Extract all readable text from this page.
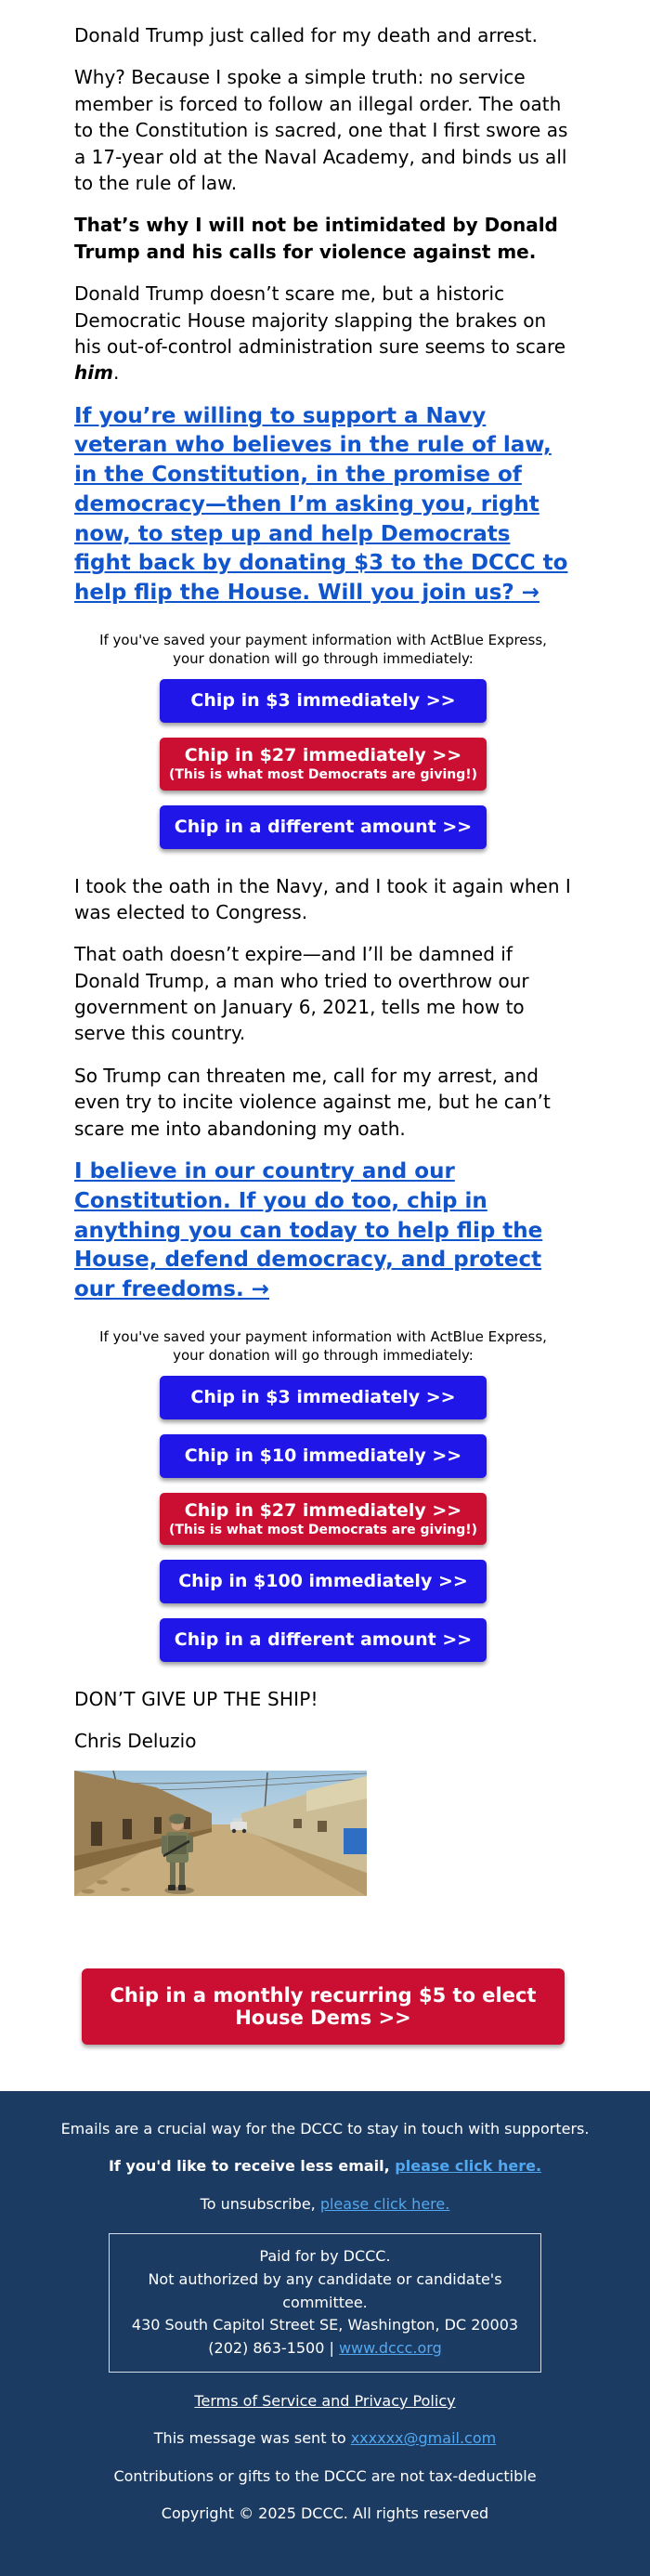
Donald Trump just called for my death and arrest.

Why? Because I spoke a simple truth: no service member is forced to follow an illegal order. The oath to the Constitution is sacred, one that I first swore as a 17-year old at the Naval Academy, and binds us all to the rule of law.

That’s why I will not be intimidated by Donald Trump and his calls for violence against me.

Donald Trump doesn’t scare me, but a historic Democratic House majority slapping the brakes on his out-of-control administration sure seems to scare him.

If you’re willing to support a Navy veteran who believes in the rule of law, in the Constitution, in the promise of democracy—then I’m asking you, right now, to step up and help Democrats fight back by donating $3 to the DCCC to help flip the House. Will you join us? →
If you've saved your payment information with ActBlue Express,
your donation will go through immediately:
Chip in $3 immediately >>
Chip in $27 immediately >>
(This is what most Democrats are giving!)
Chip in a different amount >>

I took the oath in the Navy, and I took it again when I was elected to Congress.

That oath doesn’t expire—and I’ll be damned if Donald Trump, a man who tried to overthrow our government on January 6, 2021, tells me how to serve this country.

So Trump can threaten me, call for my arrest, and even try to incite violence against me, but he can’t scare me into abandoning my oath.

I believe in our country and our Constitution. If you do too, chip in anything you can today to help flip the House, defend democracy, and protect our freedoms. →
If you've saved your payment information with ActBlue Express,
your donation will go through immediately:
Chip in $3 immediately >>
Chip in $10 immediately >>
Chip in $27 immediately >>
(This is what most Democrats are giving!)
Chip in $100 immediately >>
Chip in a different amount >>

DON’T GIVE UP THE SHIP!

Chris Deluzio

Chip in a monthly recurring $5 to elect House Dems >>

Emails are a crucial way for the DCCC to stay in touch with supporters.

If you'd like to receive less email, please click here.

To unsubscribe, please click here.

Paid for by DCCC.
Not authorized by any candidate or candidate's committee.
430 South Capitol Street SE, Washington, DC 20003
(202) 863-1500 | www.dccc.org

Terms of Service and Privacy Policy

This message was sent to xxxxxx@gmail.com

Contributions or gifts to the DCCC are not tax-deductible

Copyright © 2025 DCCC. All rights reserved
